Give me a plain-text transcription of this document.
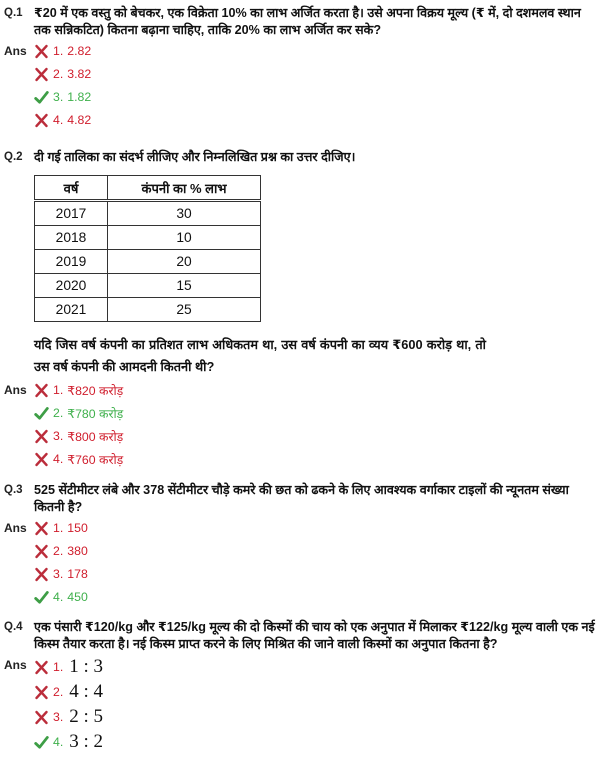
Q.1 ₹20 में एक वस्तु को बेचकर, एक विक्रेता 10% का लाभ अर्जित करता है। उसे अपना विक्रय मूल्य (₹ में, दो दशमलव स्थान तक सन्निकटित) कितना बढ़ाना चाहिए, ताकि 20% का लाभ अर्जित कर सके?

Ans	1. 2.82
2. 3.82
3. 1.82
4. 4.82
Q.2 दी गई तालिका का संदर्भ लीजिए और निम्नलिखित प्रश्न का उत्तर दीजिए।

वर्ष	कंपनी का % लाभ
2017	30
2018	10
2019	20
2020	15
2021	25

यदि जिस वर्ष कंपनी का प्रतिशत लाभ अधिकतम था, उस वर्ष कंपनी का व्यय ₹600 करोड़ था, तो उस वर्ष कंपनी की आमदनी कितनी थी?

Ans	1. ₹820 करोड़
2. ₹780 करोड़
3. ₹800 करोड़
4. ₹760 करोड़
Q.3 525 सेंटीमीटर लंबे और 378 सेंटीमीटर चौड़े कमरे की छत को ढकने के लिए आवश्यक वर्गाकार टाइलों की न्यूनतम संख्या कितनी है?

Ans	1. 150
2. 380
3. 178
4. 450
Q.4 एक पंसारी ₹120/kg और ₹125/kg मूल्य की दो किस्मों की चाय को एक अनुपात में मिलाकर ₹122/kg मूल्य वाली एक नई किस्म तैयार करता है। नई किस्म प्राप्त करने के लिए मिश्रित की जाने वाली किस्मों का अनुपात कितना है?

Ans	1. 1 : 3
2. 4 : 4
3. 2 : 5
4. 3 : 2
